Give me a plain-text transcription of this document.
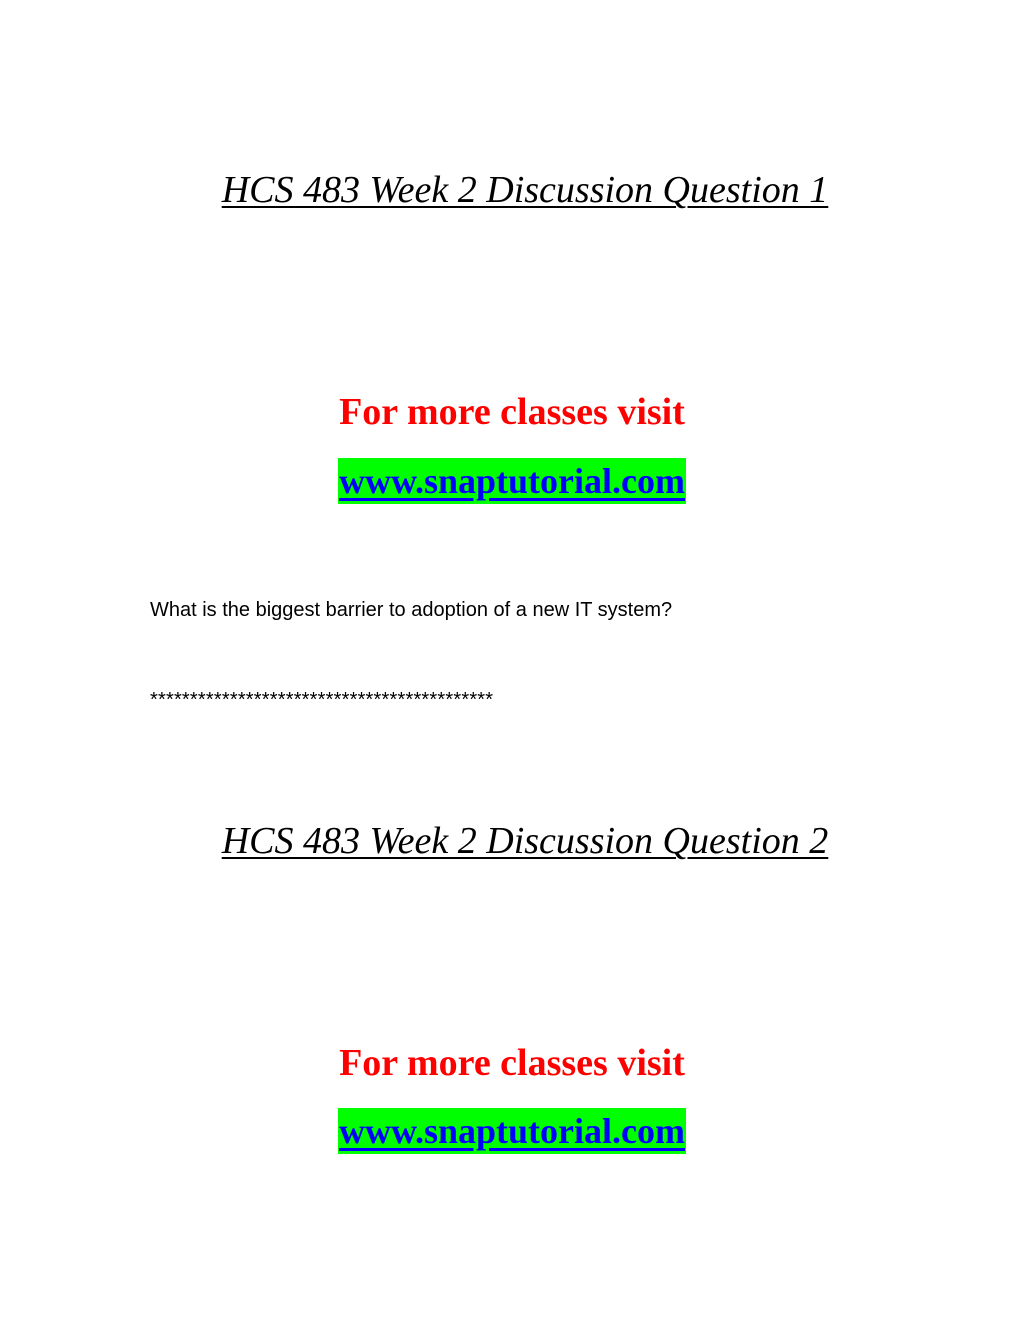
HCS 483 Week 2 Discussion Question 1
For more classes visit
www.snaptutorial.com
What is the biggest barrier to adoption of a new IT system?
*******************************************
HCS 483 Week 2 Discussion Question 2
For more classes visit
www.snaptutorial.com
